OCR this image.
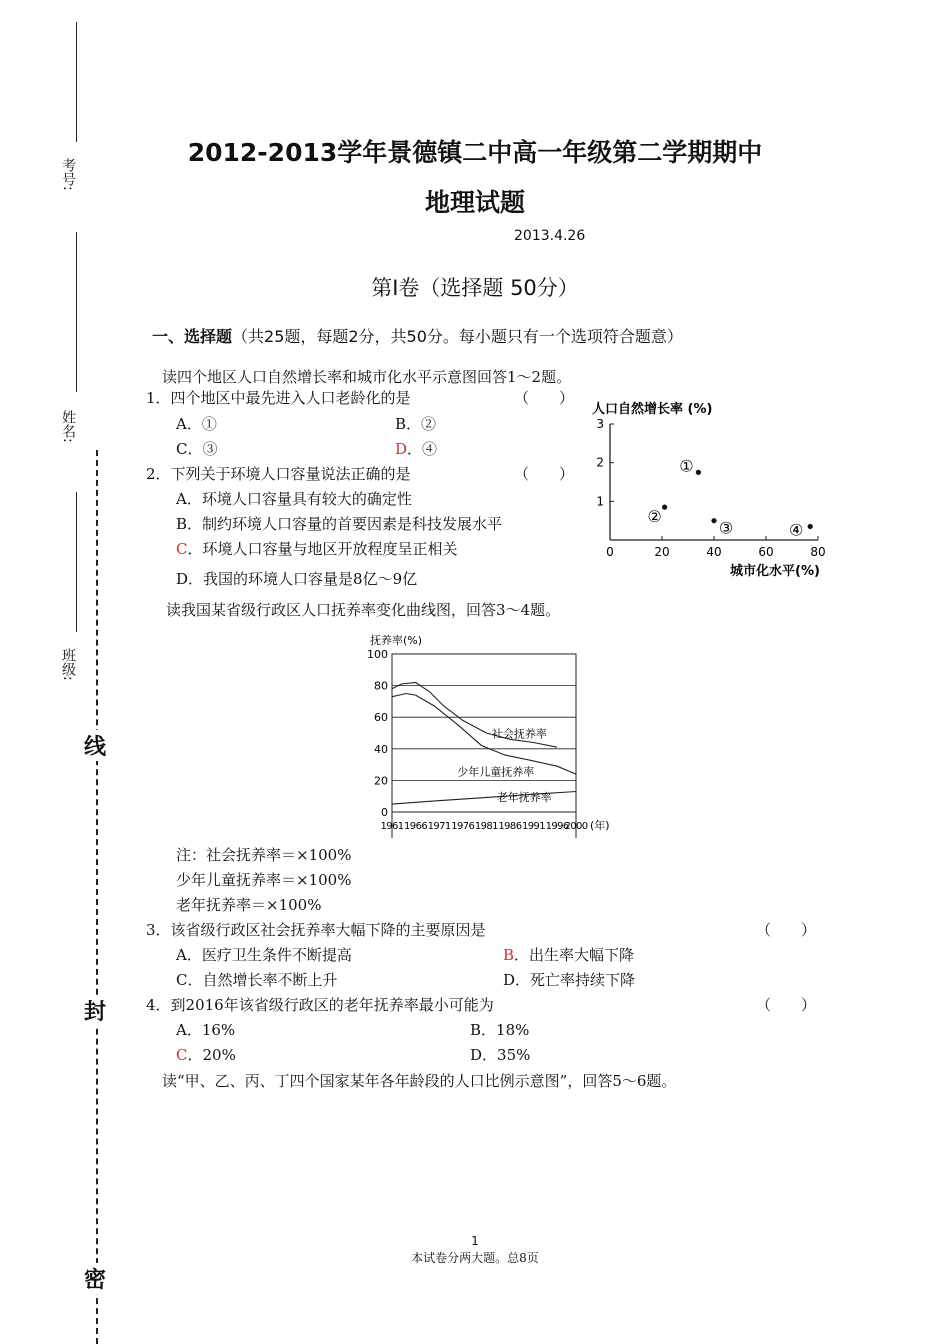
考号:
姓名:
班级:
线
封
密
2012-2013学年景德镇二中高一年级第二学期期中
地理试题
2013.4.26
第Ⅰ卷（选择题 50分）
一、选择题（共25题，每题2分，共50分。每小题只有一个选项符合题意）
读四个地区人口自然增长率和城市化水平示意图回答1～2题。
1．四个地区中最先进入人口老龄化的是	（　　）
A．①	B．②
C．③	D．④
2．下列关于环境人口容量说法正确的是	（　　）
A．环境人口容量具有较大的确定性
B．制约环境人口容量的首要因素是科技发展水平
C．环境人口容量与地区开放程度呈正相关
D．我国的环境人口容量是8亿～9亿
人口自然增长率 (%)
0	20	40	60	80
1
2
3
①
②
③	④
城市化水平(%)
读我国某省级行政区人口抚养率变化曲线图，回答3～4题。
抚养率(%)
0
20
40
60
80
100
1961 1966 1971 1976 1981 1986 1991 1996
2000
社会抚养率
少年儿童抚养率
老年抚养率
(年)
注：社会抚养率＝×100%
少年儿童抚养率＝×100%
老年抚养率＝×100%
3．该省级行政区社会抚养率大幅下降的主要原因是	（　　）
A．医疗卫生条件不断提高	B．出生率大幅下降
C．自然增长率不断上升	D．死亡率持续下降
4．到2016年该省级行政区的老年抚养率最小可能为	（　　）
A．16%	B．18%
C．20%	D．35%
读“甲、乙、丙、丁四个国家某年各年龄段的人口比例示意图”，回答5～6题。
1
本试卷分两大题。总8页
